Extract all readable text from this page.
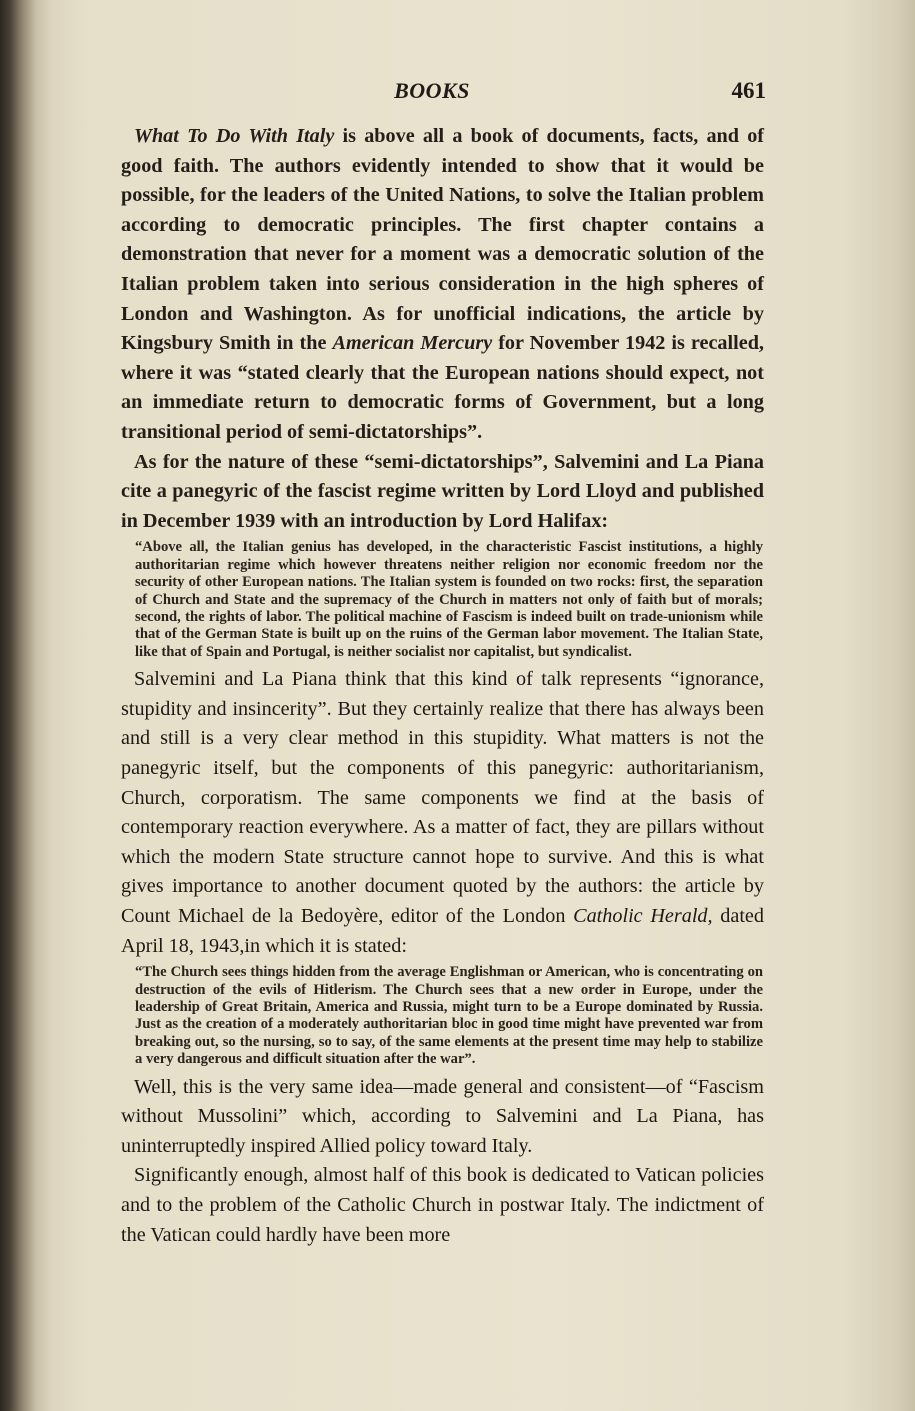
BOOKS	461

What To Do With Italy is above all a book of documents, facts, and of good faith. The authors evidently intended to show that it would be possible, for the leaders of the United Nations, to solve the Italian problem according to democratic principles. The first chapter contains a demonstration that never for a moment was a democratic solution of the Italian problem taken into serious consideration in the high spheres of London and Washington. As for unofficial indications, the article by Kingsbury Smith in the American Mercury for November 1942 is recalled, where it was “stated clearly that the European nations should expect, not an immediate return to democratic forms of Government, but a long transitional period of semi-dictatorships”.

As for the nature of these “semi-dictatorships”, Salvemini and La Piana cite a panegyric of the fascist regime written by Lord Lloyd and published in December 1939 with an introduction by Lord Halifax:

“Above all, the Italian genius has developed, in the characteristic Fascist institutions, a highly authoritarian regime which however threatens neither religion nor economic freedom nor the security of other European nations. The Italian system is founded on two rocks: first, the separation of Church and State and the supremacy of the Church in matters not only of faith but of morals; second, the rights of labor. The political machine of Fascism is indeed built on trade-unionism while that of the German State is built up on the ruins of the German labor movement. The Italian State, like that of Spain and Portugal, is neither socialist nor capitalist, but syndicalist.

Salvemini and La Piana think that this kind of talk represents “ignorance, stupidity and insincerity”. But they certainly realize that there has always been and still is a very clear method in this stupidity. What matters is not the panegyric itself, but the components of this panegyric: authoritarianism, Church, corporatism. The same components we find at the basis of contemporary reaction everywhere. As a matter of fact, they are pillars without which the modern State structure cannot hope to survive. And this is what gives importance to another document quoted by the authors: the article by Count Michael de la Bedoyère, editor of the London Catholic Herald, dated April 18, 1943,in which it is stated:

“The Church sees things hidden from the average Englishman or American, who is concentrating on destruction of the evils of Hitlerism. The Church sees that a new order in Europe, under the leadership of Great Britain, America and Russia, might turn to be a Europe dominated by Russia. Just as the creation of a moderately authoritarian bloc in good time might have prevented war from breaking out, so the nursing, so to say, of the same elements at the present time may help to stabilize a very dangerous and difficult situation after the war”.

Well, this is the very same idea—made general and consistent—of “Fascism without Mussolini” which, according to Salvemini and La Piana, has uninterruptedly inspired Allied policy toward Italy.

Significantly enough, almost half of this book is dedicated to Vatican policies and to the problem of the Catholic Church in postwar Italy. The indictment of the Vatican could hardly have been more
